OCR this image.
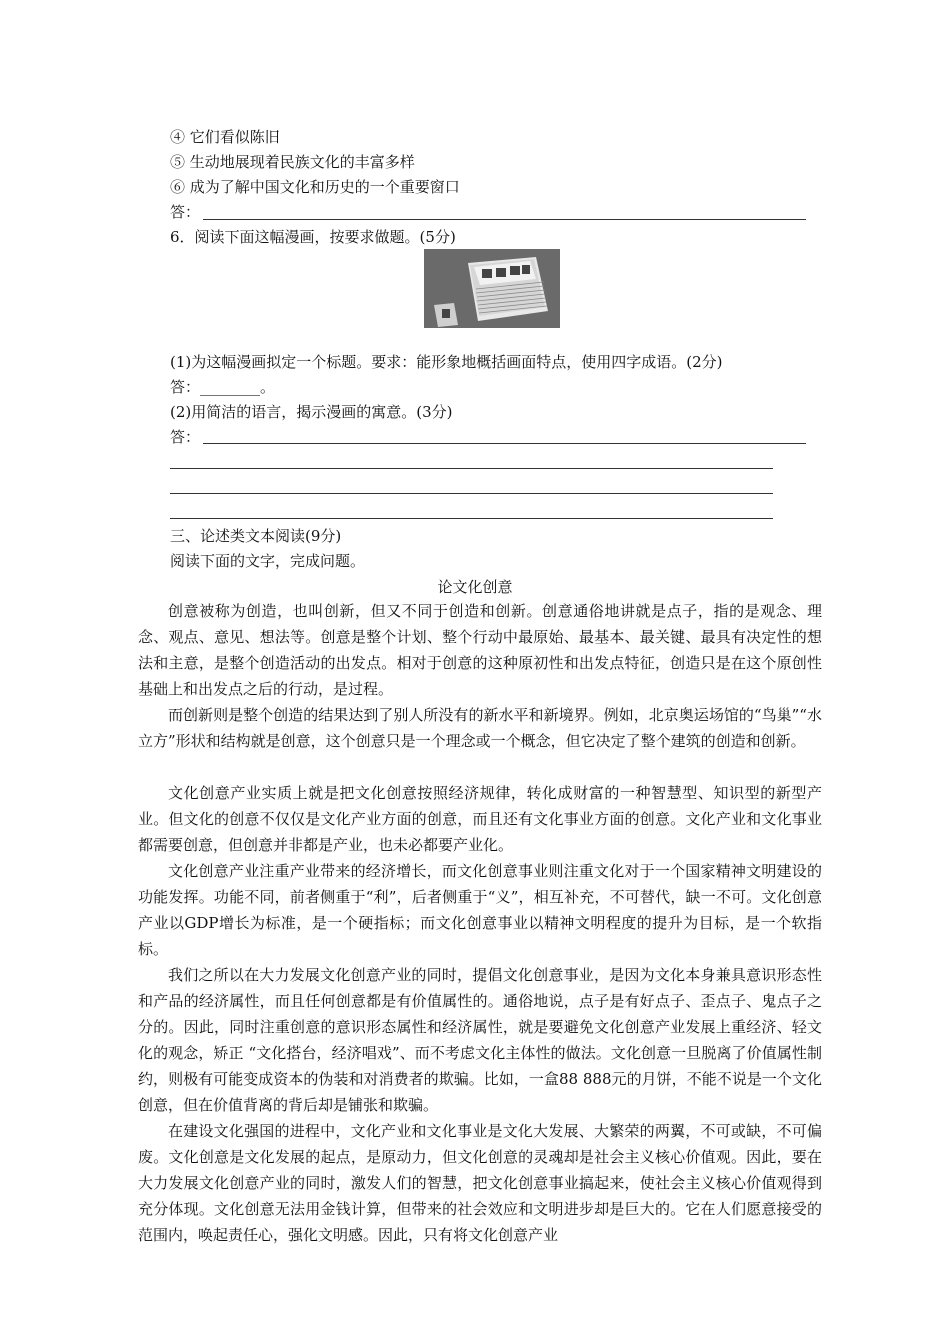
④ 它们看似陈旧
⑤ 生动地展现着民族文化的丰富多样
⑥ 成为了解中国文化和历史的一个重要窗口
答：
6．阅读下面这幅漫画，按要求做题。(5分)
(1)为这幅漫画拟定一个标题。要求：能形象地概括画面特点，使用四字成语。(2分)
答：________。
(2)用简洁的语言，揭示漫画的寓意。(3分)
答：
三、论述类文本阅读(9分)
阅读下面的文字，完成问题。
论文化创意
创意被称为创造，也叫创新，但又不同于创造和创新。创意通俗地讲就是点子，指的是观念、理念、观点、意见、想法等。创意是整个计划、整个行动中最原始、最基本、最关键、最具有决定性的想法和主意，是整个创造活动的出发点。相对于创意的这种原初性和出发点特征，创造只是在这个原创性基础上和出发点之后的行动，是过程。
而创新则是整个创造的结果达到了别人所没有的新水平和新境界。例如，北京奥运场馆的“鸟巢”“水立方”形状和结构就是创意，这个创意只是一个理念或一个概念，但它决定了整个建筑的创造和创新。
文化创意产业实质上就是把文化创意按照经济规律，转化成财富的一种智慧型、知识型的新型产业。但文化的创意不仅仅是文化产业方面的创意，而且还有文化事业方面的创意。文化产业和文化事业都需要创意，但创意并非都是产业，也未必都要产业化。
文化创意产业注重产业带来的经济增长，而文化创意事业则注重文化对于一个国家精神文明建设的功能发挥。功能不同，前者侧重于“利”，后者侧重于“义”，相互补充，不可替代，缺一不可。文化创意产业以GDP增长为标准，是一个硬指标；而文化创意事业以精神文明程度的提升为目标，是一个软指标。
我们之所以在大力发展文化创意产业的同时，提倡文化创意事业，是因为文化本身兼具意识形态性和产品的经济属性，而且任何创意都是有价值属性的。通俗地说，点子是有好点子、歪点子、鬼点子之分的。因此，同时注重创意的意识形态属性和经济属性，就是要避免文化创意产业发展上重经济、轻文化的观念，矫正 “文化搭台，经济唱戏”、而不考虑文化主体性的做法。文化创意一旦脱离了价值属性制约，则极有可能变成资本的伪装和对消费者的欺骗。比如，一盒88 888元的月饼，不能不说是一个文化创意，但在价值背离的背后却是铺张和欺骗。
在建设文化强国的进程中，文化产业和文化事业是文化大发展、大繁荣的两翼，不可或缺，不可偏废。文化创意是文化发展的起点，是原动力，但文化创意的灵魂却是社会主义核心价值观。因此，要在大力发展文化创意产业的同时，激发人们的智慧，把文化创意事业搞起来，使社会主义核心价值观得到充分体现。文化创意无法用金钱计算，但带来的社会效应和文明进步却是巨大的。它在人们愿意接受的范围内，唤起责任心，强化文明感。因此，只有将文化创意产业
